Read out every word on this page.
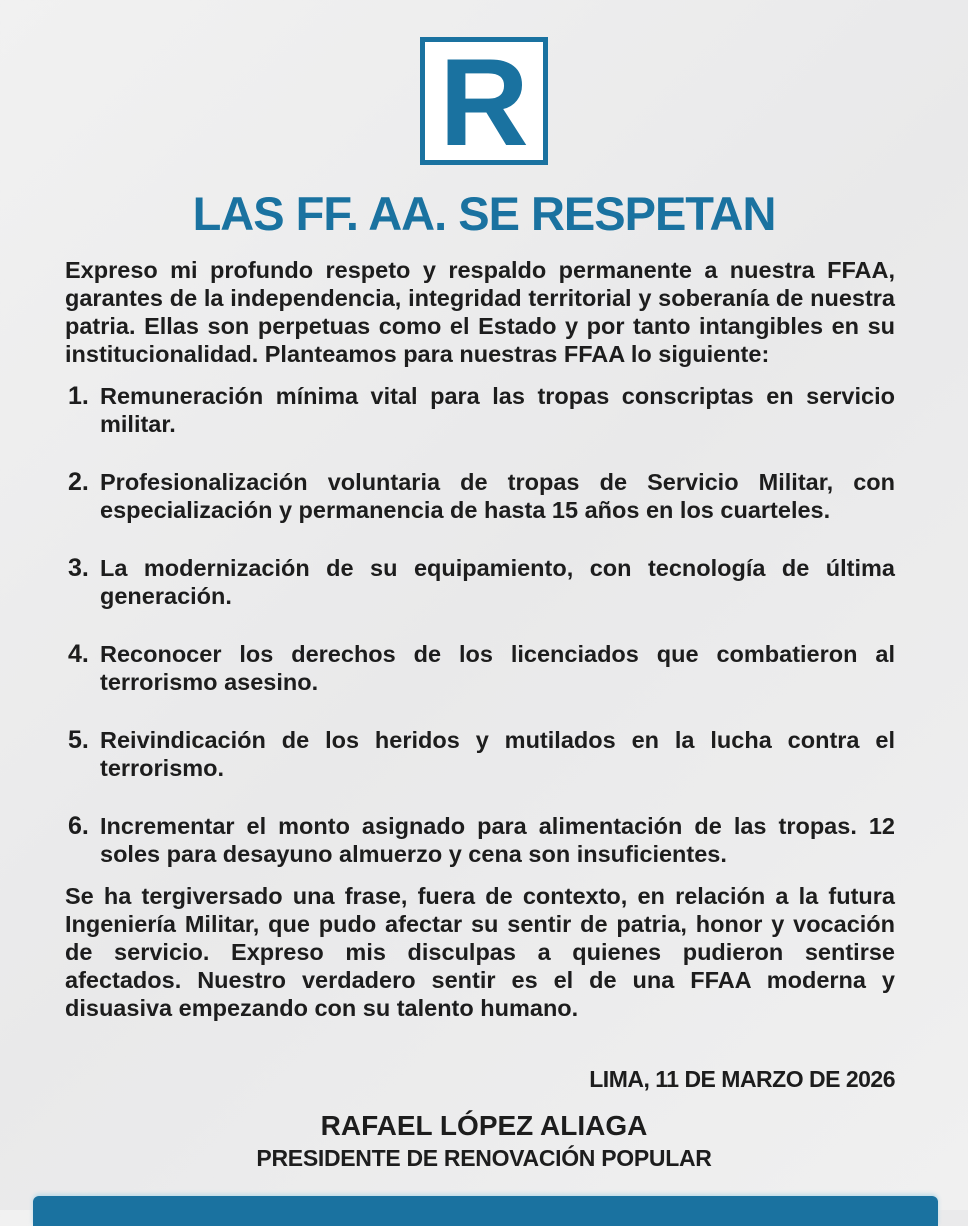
R
LAS FF. AA. SE RESPETAN

Expreso mi profundo respeto y respaldo permanente a nuestra FFAA, garantes de la independencia, integridad territorial y soberanía de nuestra patria. Ellas son perpetuas como el Estado y por tanto intangibles en su institucionalidad. Planteamos para nuestras FFAA lo siguiente:

1. Remuneración mínima vital para las tropas conscriptas en servicio militar.
2. Profesionalización voluntaria de tropas de Servicio Militar, con especialización y permanencia de hasta 15 años en los cuarteles.
3. La modernización de su equipamiento, con tecnología de última generación.
4. Reconocer los derechos de los licenciados que combatieron al terrorismo asesino.
5. Reivindicación de los heridos y mutilados en la lucha contra el terrorismo.
6. Incrementar el monto asignado para alimentación de las tropas. 12 soles para desayuno almuerzo y cena son insuficientes.

Se ha tergiversado una frase, fuera de contexto, en relación a la futura Ingeniería Militar, que pudo afectar su sentir de patria, honor y vocación de servicio. Expreso mis disculpas a quienes pudieron sentirse afectados. Nuestro verdadero sentir es el de una FFAA moderna y disuasiva empezando con su talento humano.

LIMA, 11 DE MARZO DE 2026
RAFAEL LÓPEZ ALIAGA
PRESIDENTE DE RENOVACIÓN POPULAR
